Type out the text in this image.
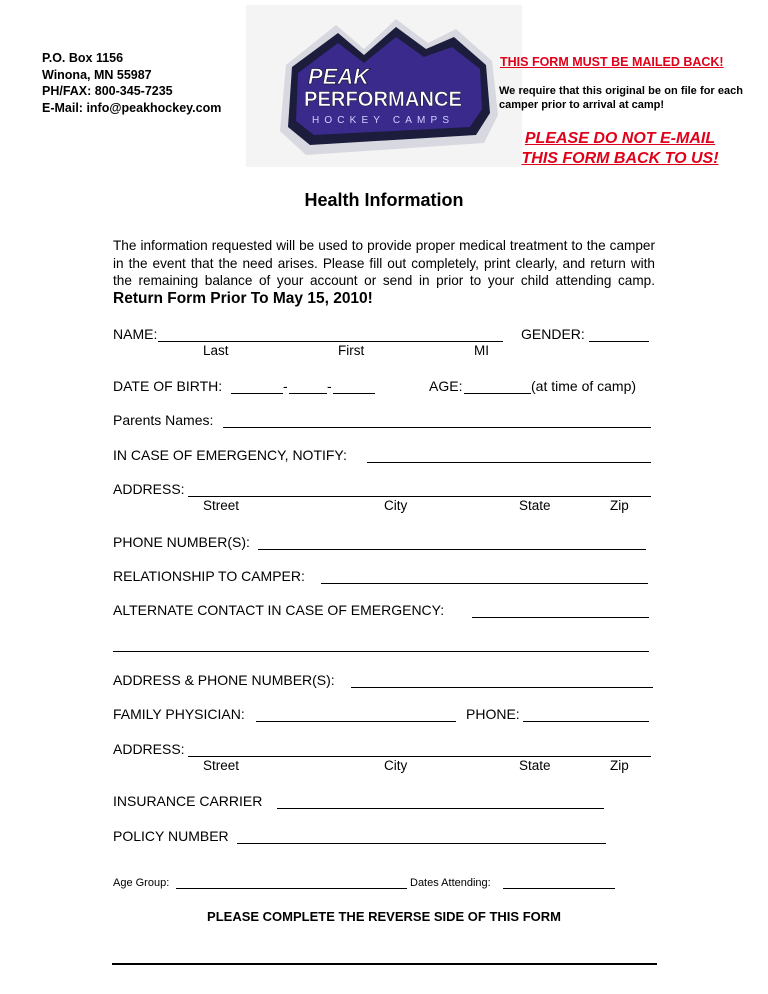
P.O. Box 1156
Winona, MN 55987
PH/FAX: 800-345-7235
E-Mail: info@peakhockey.com
PEAK
PERFORMANCE
HOCKEY CAMPS
THIS FORM MUST BE MAILED BACK!
We require that this original be on file for each camper prior to arrival at camp!
PLEASE DO NOT E-MAIL
THIS FORM BACK TO US!
Health Information
The information requested will be used to provide proper medical treatment to the camper in the event that the need arises. Please fill out completely, print clearly, and return with the remaining balance of your account or send in prior to your child attending camp. Return Form Prior To May 15, 2010!
NAME:	GENDER:
Last	First	MI
DATE OF BIRTH:	-	-	AGE:	(at time of camp)
Parents Names:
IN CASE OF EMERGENCY, NOTIFY:
ADDRESS:
Street	City	State	Zip
PHONE NUMBER(S):
RELATIONSHIP TO CAMPER:
ALTERNATE CONTACT IN CASE OF EMERGENCY:
ADDRESS & PHONE NUMBER(S):
FAMILY PHYSICIAN:	PHONE:
ADDRESS:
Street	City	State	Zip
INSURANCE CARRIER
POLICY NUMBER
Age Group:	Dates Attending:
PLEASE COMPLETE THE REVERSE SIDE OF THIS FORM
